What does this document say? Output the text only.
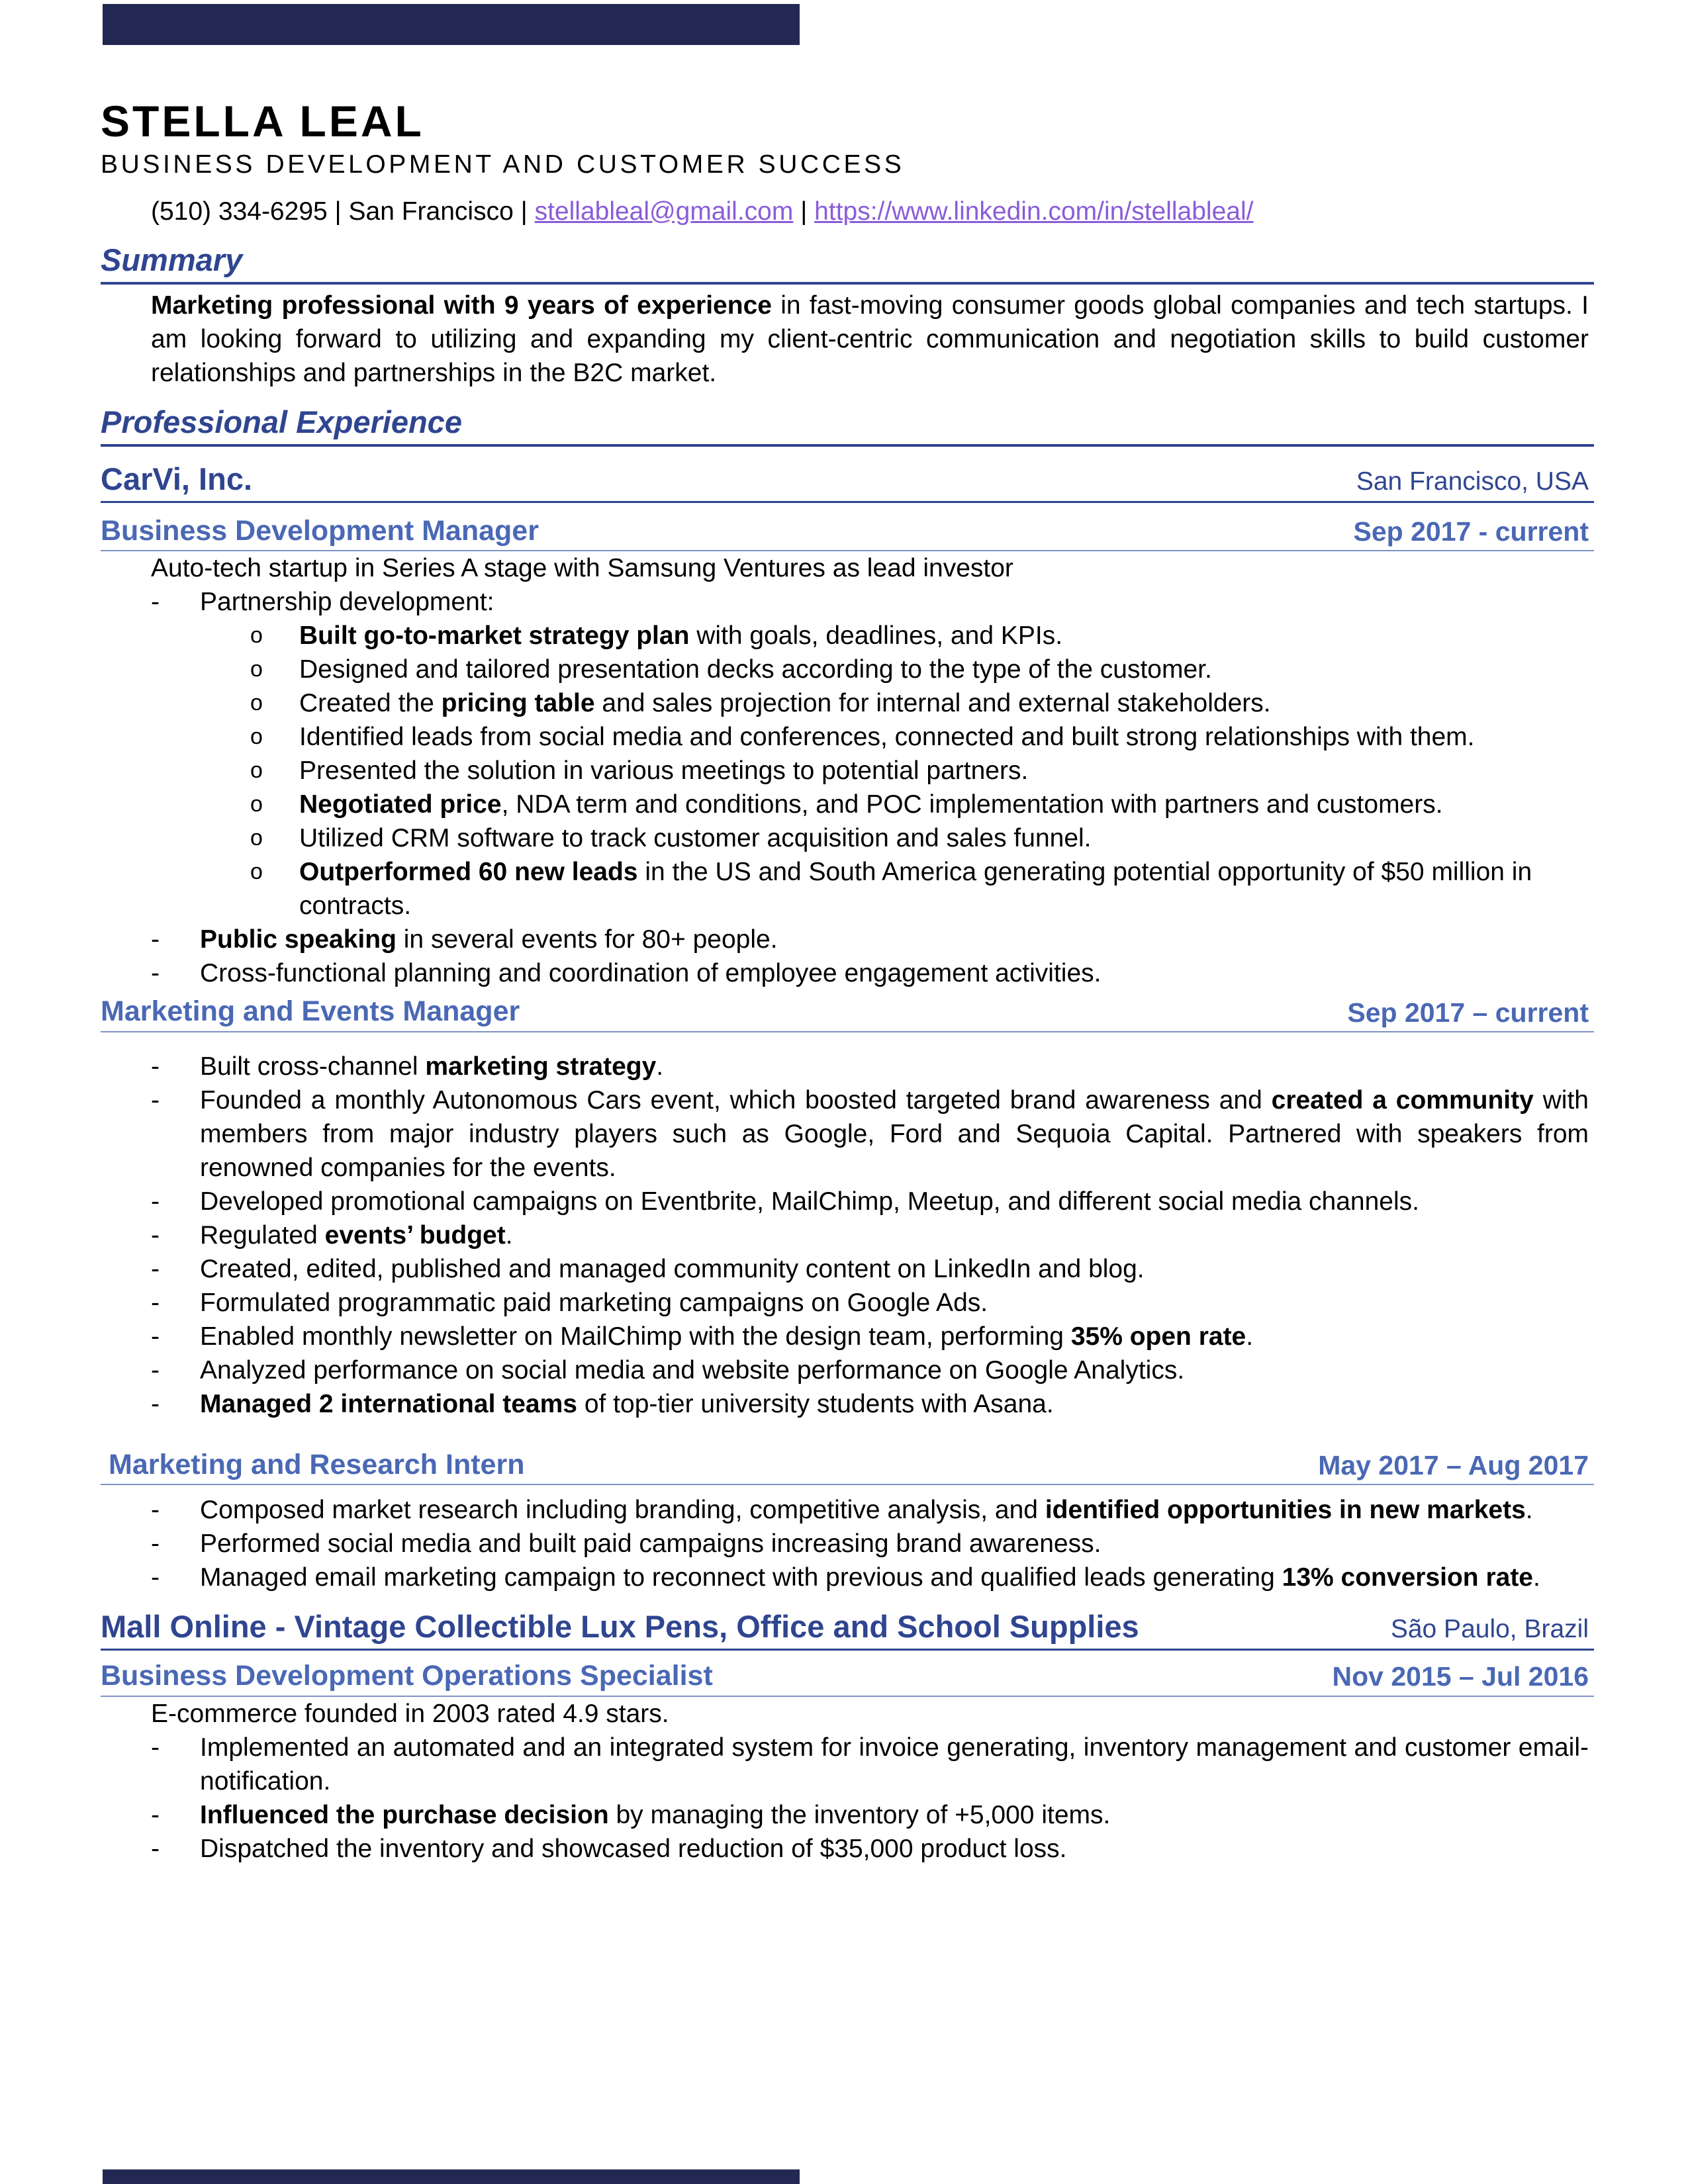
STELLA LEAL
BUSINESS DEVELOPMENT AND CUSTOMER SUCCESS
(510) 334-6295 | San Francisco | stellableal@gmail.com | https://www.linkedin.com/in/stellableal/
Summary
Marketing professional with 9 years of experience in fast-moving consumer goods global companies and tech startups. I am looking forward to utilizing and expanding my client-centric communication and negotiation skills to build customer relationships and partnerships in the B2C market.
Professional Experience
CarVi, Inc.	San Francisco, USA
Business Development Manager	Sep 2017 - current
Auto-tech startup in Series A stage with Samsung Ventures as lead investor
- Partnership development:
o Built go-to-market strategy plan with goals, deadlines, and KPIs.
o Designed and tailored presentation decks according to the type of the customer.
o Created the pricing table and sales projection for internal and external stakeholders.
o Identified leads from social media and conferences, connected and built strong relationships with them.
o Presented the solution in various meetings to potential partners.
o Negotiated price, NDA term and conditions, and POC implementation with partners and customers.
o Utilized CRM software to track customer acquisition and sales funnel.
o Outperformed 60 new leads in the US and South America generating potential opportunity of $50 million in contracts.
- Public speaking in several events for 80+ people.
- Cross-functional planning and coordination of employee engagement activities.
Marketing and Events Manager	Sep 2017 – current
- Built cross-channel marketing strategy.
- Founded a monthly Autonomous Cars event, which boosted targeted brand awareness and created a community with members from major industry players such as Google, Ford and Sequoia Capital. Partnered with speakers from renowned companies for the events.
- Developed promotional campaigns on Eventbrite, MailChimp, Meetup, and different social media channels.
- Regulated events’ budget.
- Created, edited, published and managed community content on LinkedIn and blog.
- Formulated programmatic paid marketing campaigns on Google Ads.
- Enabled monthly newsletter on MailChimp with the design team, performing 35% open rate.
- Analyzed performance on social media and website performance on Google Analytics.
- Managed 2 international teams of top-tier university students with Asana.
Marketing and Research Intern	May 2017 – Aug 2017
- Composed market research including branding, competitive analysis, and identified opportunities in new markets.
- Performed social media and built paid campaigns increasing brand awareness.
- Managed email marketing campaign to reconnect with previous and qualified leads generating 13% conversion rate.
Mall Online - Vintage Collectible Lux Pens, Office and School Supplies	São Paulo, Brazil
Business Development Operations Specialist	Nov 2015 – Jul 2016
E-commerce founded in 2003 rated 4.9 stars.
- Implemented an automated and an integrated system for invoice generating, inventory management and customer email-notification.
- Influenced the purchase decision by managing the inventory of +5,000 items.
- Dispatched the inventory and showcased reduction of $35,000 product loss.
